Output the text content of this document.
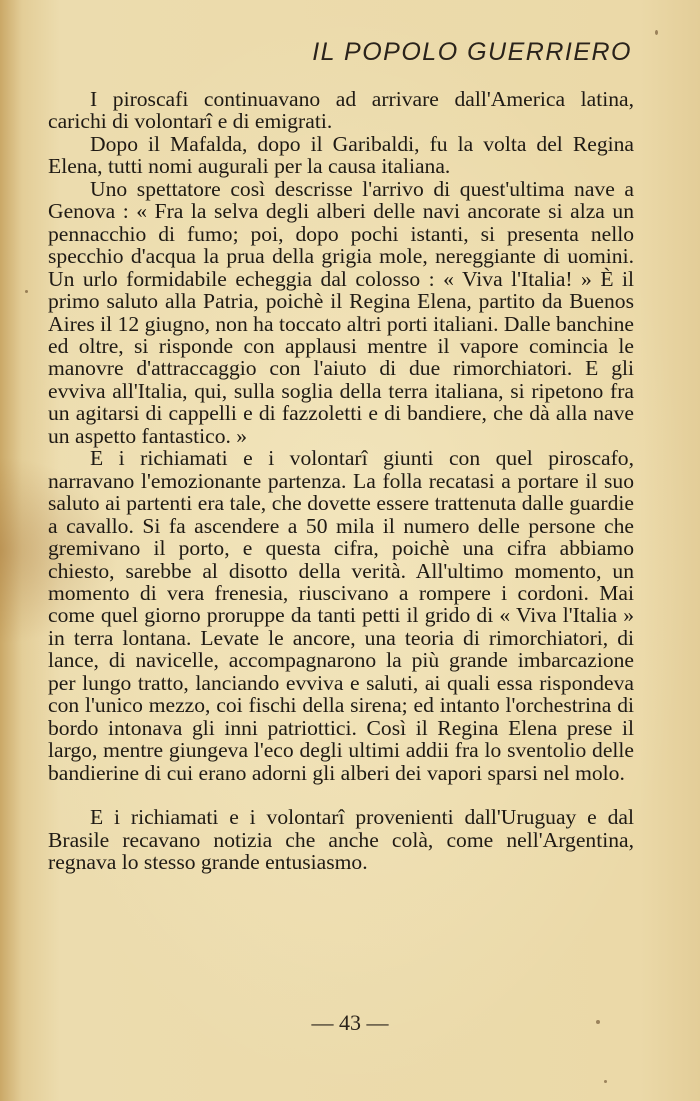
IL POPOLO GUERRIERO

I piroscafi continuavano ad arrivare dall'America latina, carichi di volontarî e di emigrati.

Dopo il Mafalda, dopo il Garibaldi, fu la volta del Regina Elena, tutti nomi augurali per la causa italiana.

Uno spettatore così descrisse l'arrivo di quest'ultima nave a Genova : « Fra la selva degli alberi delle navi ancorate si alza un pennacchio di fumo; poi, dopo pochi istanti, si presenta nello specchio d'acqua la prua della grigia mole, nereggiante di uomini. Un urlo formidabile echeggia dal colosso : « Viva l'Italia! » È il primo saluto alla Patria, poichè il Regina Elena, partito da Buenos Aires il 12 giugno, non ha toccato altri porti italiani. Dalle banchine ed oltre, si risponde con applausi mentre il vapore comincia le manovre d'attraccaggio con l'aiuto di due rimorchiatori. E gli evviva all'Italia, qui, sulla soglia della terra italiana, si ripetono fra un agitarsi di cappelli e di fazzoletti e di bandiere, che dà alla nave un aspetto fantastico. »

E i richiamati e i volontarî giunti con quel piroscafo, narravano l'emozionante partenza. La folla recatasi a portare il suo saluto ai partenti era tale, che dovette essere trattenuta dalle guardie a cavallo. Si fa ascendere a 50 mila il numero delle persone che gremivano il porto, e questa cifra, poichè una cifra abbiamo chiesto, sarebbe al disotto della verità. All'ultimo momento, un momento di vera frenesia, riuscivano a rompere i cordoni. Mai come quel giorno proruppe da tanti petti il grido di « Viva l'Italia » in terra lontana. Levate le ancore, una teoria di rimorchiatori, di lance, di navicelle, accompagnarono la più grande imbarcazione per lungo tratto, lanciando evviva e saluti, ai quali essa rispondeva con l'unico mezzo, coi fischi della sirena; ed intanto l'orchestrina di bordo intonava gli inni patriottici. Così il Regina Elena prese il largo, mentre giungeva l'eco degli ultimi addii fra lo sventolio delle bandierine di cui erano adorni gli alberi dei vapori sparsi nel molo.

E i richiamati e i volontarî provenienti dall'Uruguay e dal Brasile recavano notizia che anche colà, come nell'Argentina, regnava lo stesso grande entusiasmo.

— 43 —
